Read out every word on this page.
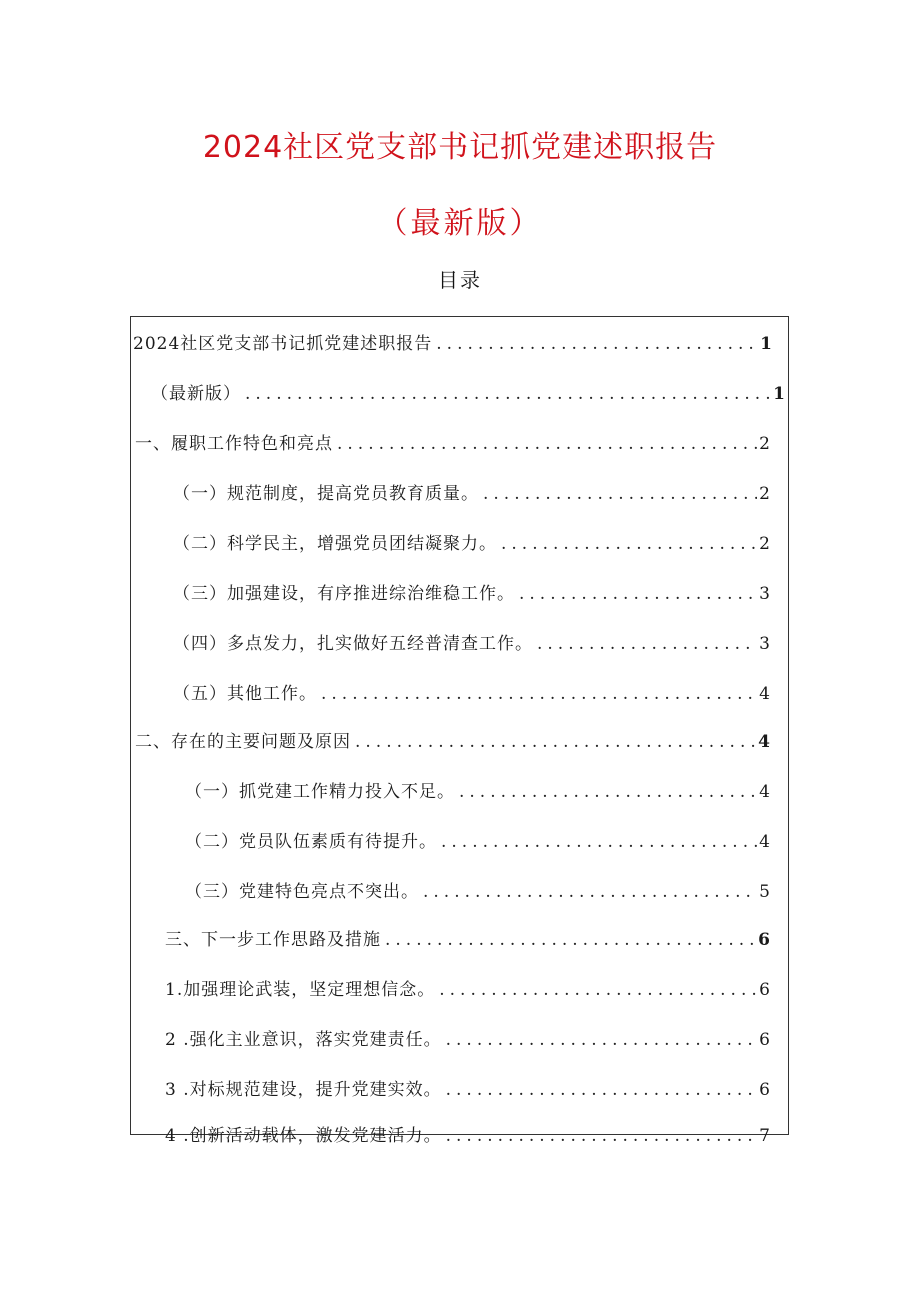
2024社区党支部书记抓党建述职报告
（最新版）
目录
2024社区党支部书记抓党建述职报告 .....	1
（最新版） .....	1
一、履职工作特色和亮点 .....	2
（一）规范制度，提高党员教育质量。 .....	2
（二）科学民主，增强党员团结凝聚力。 .....	2
（三）加强建设，有序推进综治维稳工作。 .....	3
（四）多点发力，扎实做好五经普清查工作。 .....	3
（五）其他工作。 .....	4
二、存在的主要问题及原因 .....	4
（一）抓党建工作精力投入不足。 .....	4
（二）党员队伍素质有待提升。 .....	4
（三）党建特色亮点不突出。 .....	5
三、下一步工作思路及措施 .....	6
1.加强理论武装，坚定理想信念。 .....	6
2 .强化主业意识，落实党建责任。 .....	6
3 .对标规范建设，提升党建实效。 .....	6
4 .创新活动载体，激发党建活力。 .....	7
